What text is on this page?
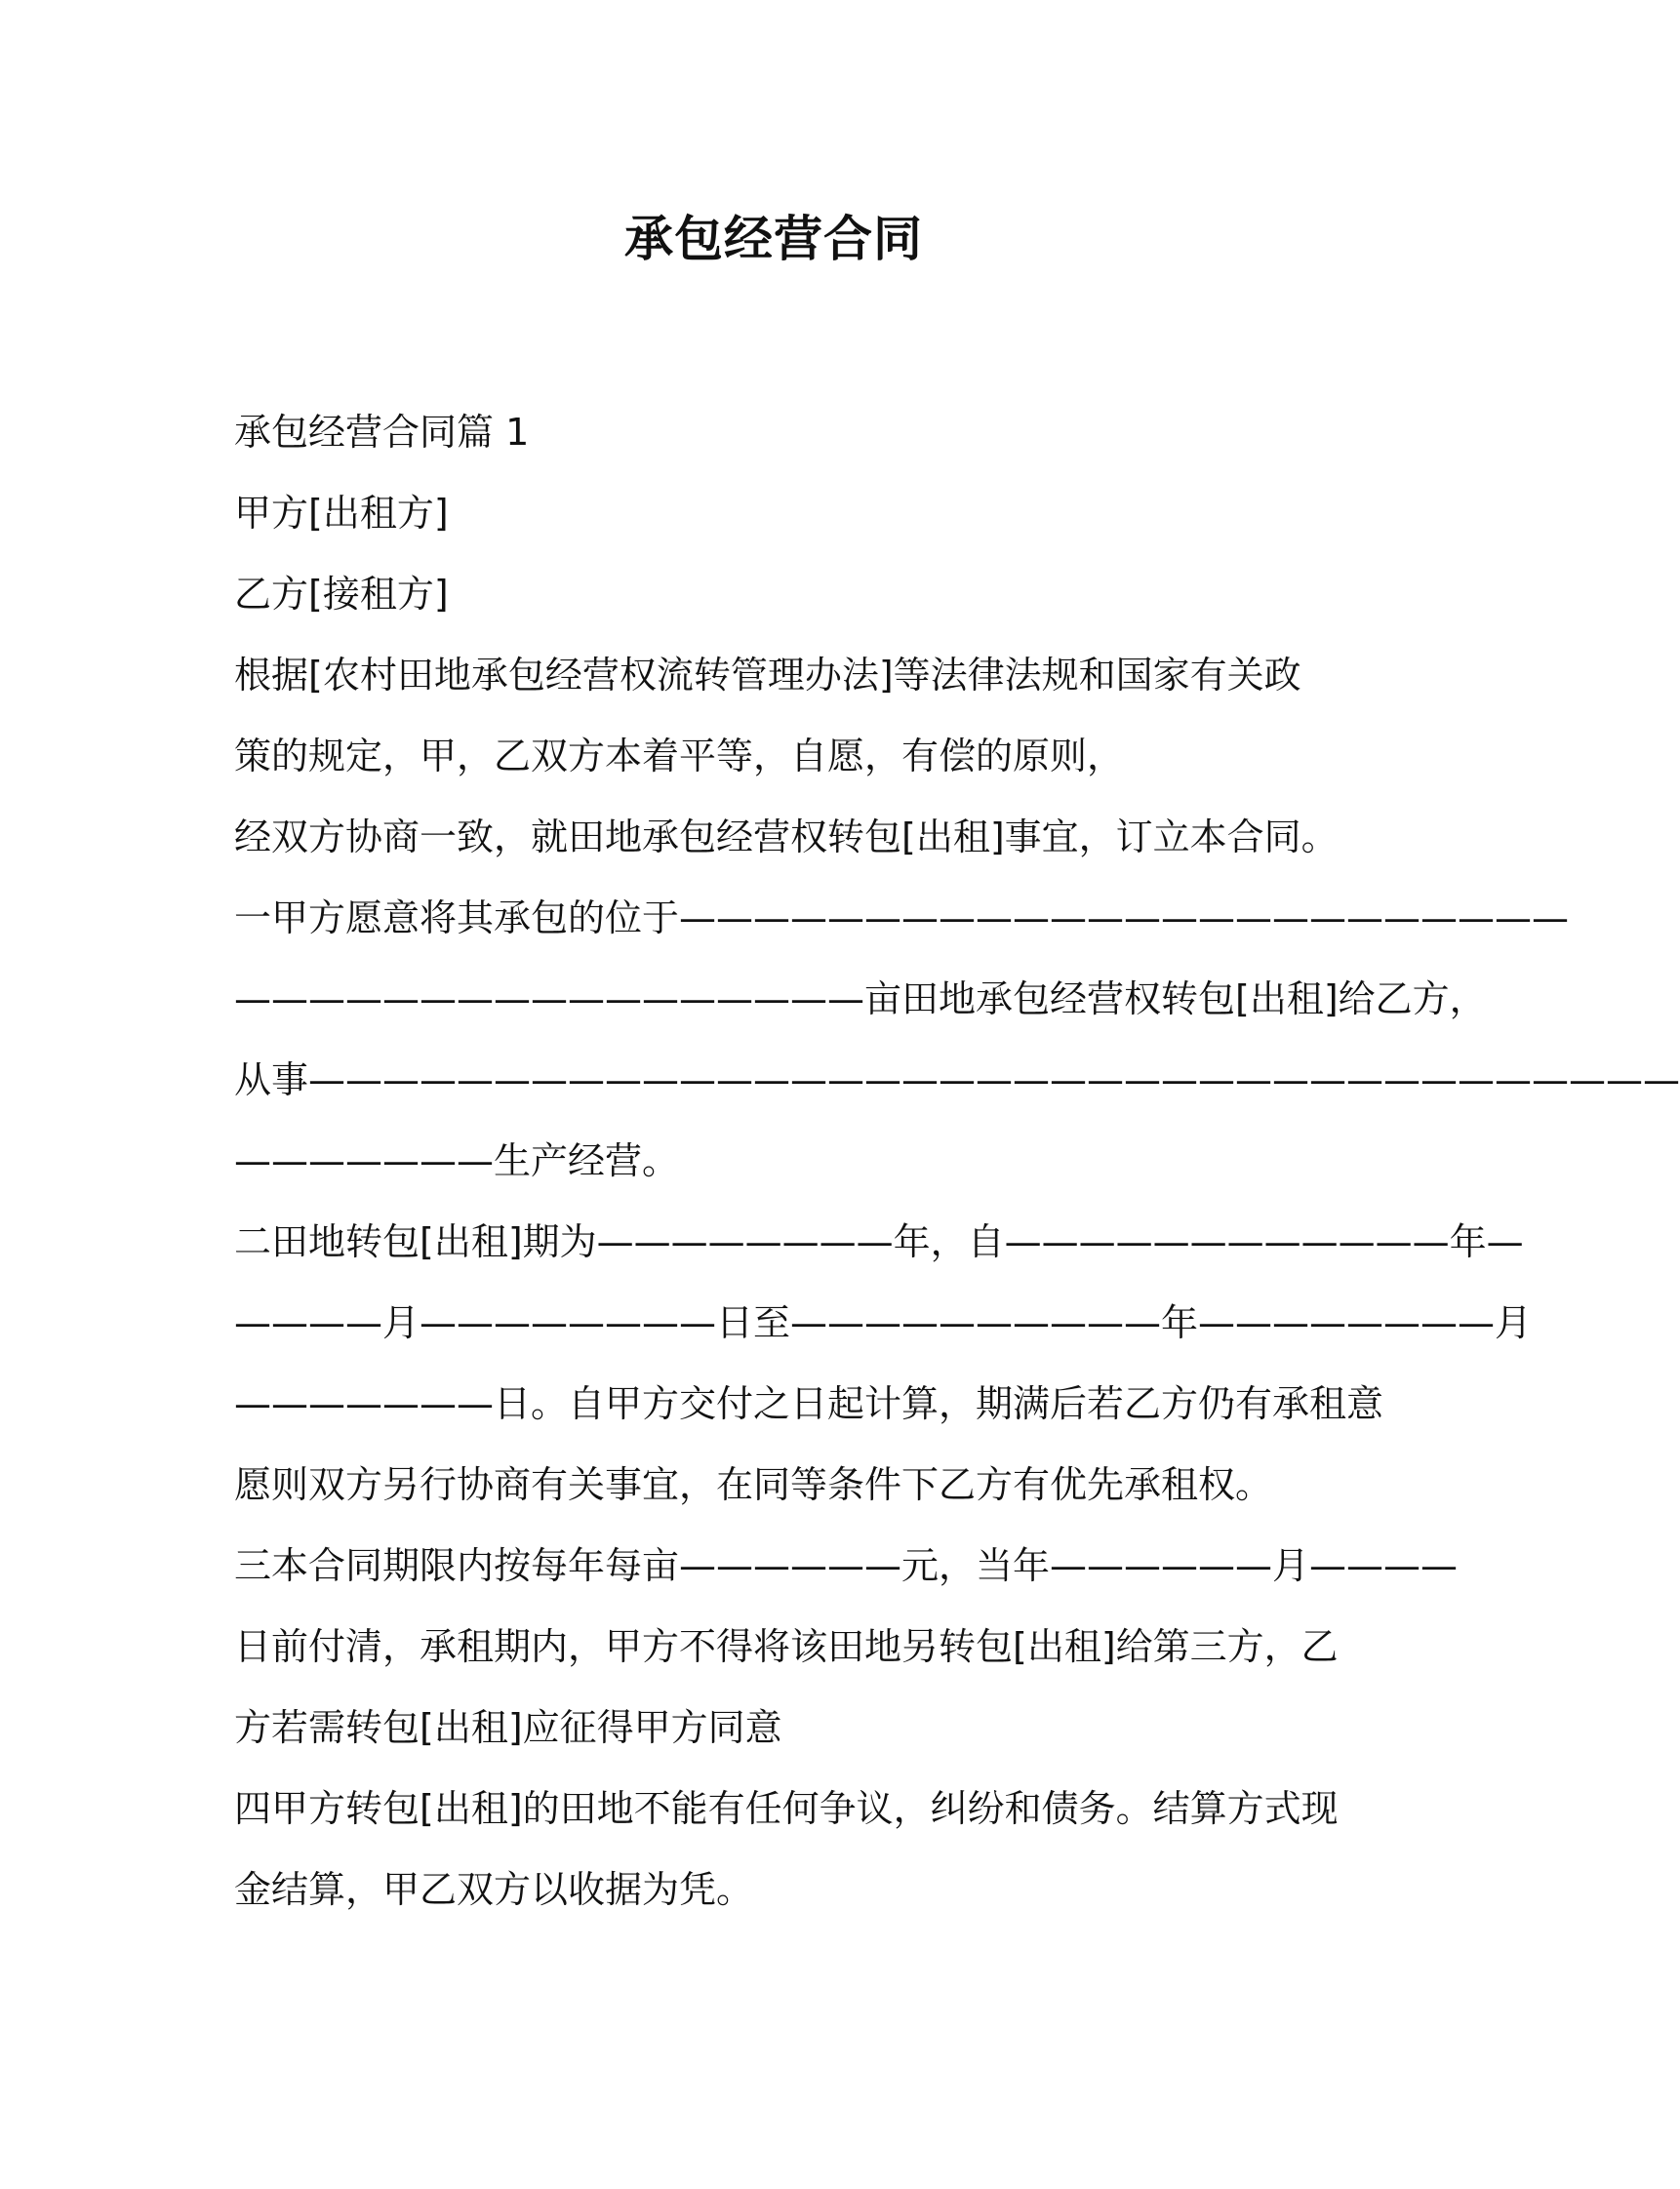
承包经营合同
承包经营合同篇 1
甲方[出租方]
乙方[接租方]
根据[农村田地承包经营权流转管理办法]等法律法规和国家有关政
策的规定，甲，乙双方本着平等，自愿，有偿的原则，
经双方协商一致，就田地承包经营权转包[出租]事宜，订立本合同。
一甲方愿意将其承包的位于————————————————————————
—————————————————亩田地承包经营权转包[出租]给乙方，
从事—————————————————————————————————————
———————生产经营。
二田地转包[出租]期为————————年，自————————————年—
————月————————日至——————————年————————月
———————日。自甲方交付之日起计算，期满后若乙方仍有承租意
愿则双方另行协商有关事宜，在同等条件下乙方有优先承租权。
三本合同期限内按每年每亩——————元，当年——————月————
日前付清，承租期内，甲方不得将该田地另转包[出租]给第三方，乙
方若需转包[出租]应征得甲方同意
四甲方转包[出租]的田地不能有任何争议，纠纷和债务。结算方式现
金结算，甲乙双方以收据为凭。
